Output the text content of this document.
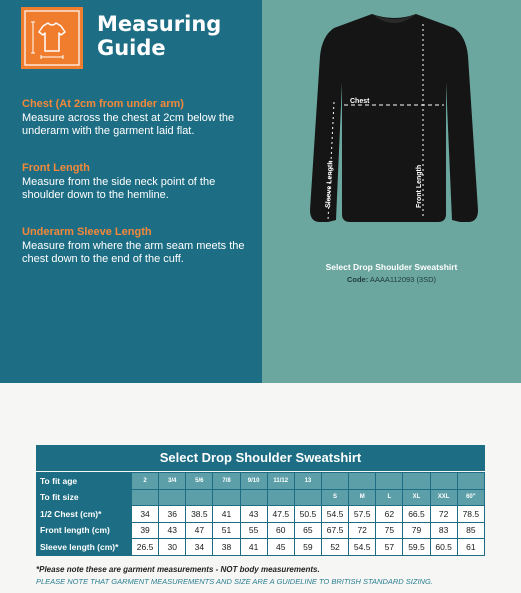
Measuring
Guide
Chest (At 2cm from under arm)
Measure across the chest at 2cm below the underarm with the garment laid flat.
Front Length
Measure from the side neck point of the shoulder down to the hemline.
Underarm Sleeve Length
Measure from where the arm seam meets the chest down to the end of the cuff.
Chest
Sleeve Length	Front Length
Select Drop Shoulder Sweatshirt
Code: AAAA112093 (3SD)
Select Drop Shoulder Sweatshirt
To fit age	2	3/4	5/6	7/8	9/10	11/12	13						
To fit size								S	M	L	XL	XXL	60"
1/2 Chest (cm)*	34	36	38.5	41	43	47.5	50.5	54.5	57.5	62	66.5	72	78.5
Front length (cm)	39	43	47	51	55	60	65	67.5	72	75	79	83	85
Sleeve length (cm)*	26.5	30	34	38	41	45	59	52	54.5	57	59.5	60.5	61
*Please note these are garment measurements - NOT body measurements.
PLEASE NOTE THAT GARMENT MEASUREMENTS AND SIZE ARE A GUIDELINE TO BRITISH STANDARD SIZING.
